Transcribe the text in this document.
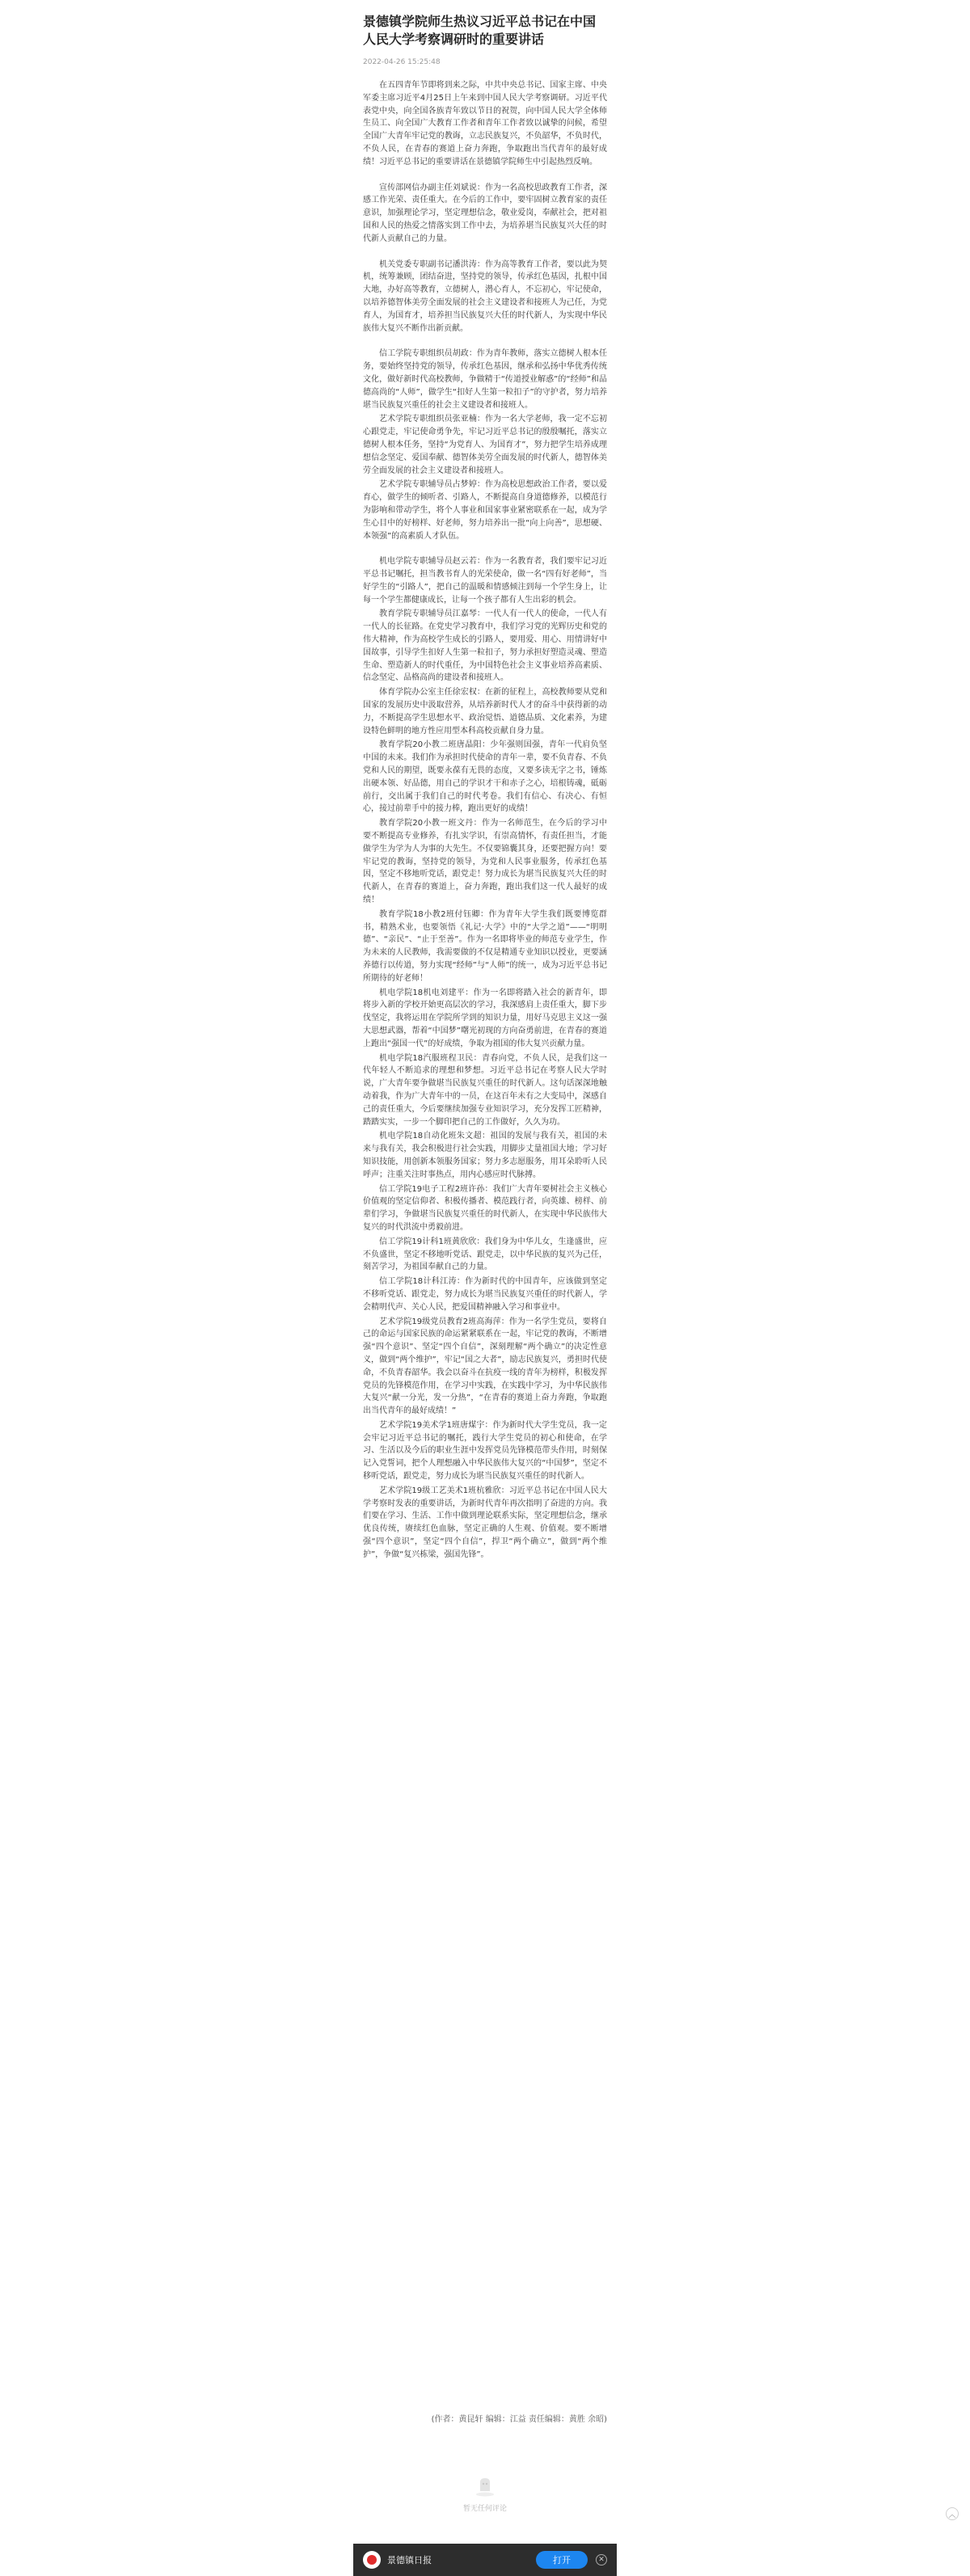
景德镇学院师生热议习近平总书记在中国人民大学考察调研时的重要讲话
2022-04-26 15:25:48

在五四青年节即将到来之际，中共中央总书记、国家主席、中央军委主席习近平4月25日上午来到中国人民大学考察调研。习近平代表党中央，向全国各族青年致以节日的祝贺，向中国人民大学全体师生员工、向全国广大教育工作者和青年工作者致以诚挚的问候，希望全国广大青年牢记党的教诲，立志民族复兴，不负韶华，不负时代，不负人民，在青春的赛道上奋力奔跑，争取跑出当代青年的最好成绩！习近平总书记的重要讲话在景德镇学院师生中引起热烈反响。

宣传部网信办副主任刘斌说：作为一名高校思政教育工作者，深感工作光荣、责任重大。在今后的工作中，要牢固树立教育家的责任意识，加强理论学习，坚定理想信念，敬业爱岗，奉献社会，把对祖国和人民的热爱之情落实到工作中去，为培养堪当民族复兴大任的时代新人贡献自己的力量。

机关党委专职副书记潘洪涛：作为高等教育工作者，要以此为契机，统筹兼顾，团结奋进，坚持党的领导，传承红色基因，扎根中国大地，办好高等教育，立德树人，潜心育人，不忘初心，牢记使命，以培养德智体美劳全面发展的社会主义建设者和接班人为己任，为党育人，为国育才，培养担当民族复兴大任的时代新人，为实现中华民族伟大复兴不断作出新贡献。

信工学院专职组织员胡政：作为青年教师，落实立德树人根本任务，要始终坚持党的领导，传承红色基因，继承和弘扬中华优秀传统文化，做好新时代高校教师，争做精于“传道授业解惑”的“经师”和品德高尚的“人师”，做学生“扣好人生第一粒扣子”的守护者，努力培养堪当民族复兴重任的社会主义建设者和接班人。

艺术学院专职组织员张亚楠：作为一名大学老师，我一定不忘初心跟党走，牢记使命勇争先，牢记习近平总书记的殷殷嘱托，落实立德树人根本任务，坚持“为党育人、为国育才”，努力把学生培养成理想信念坚定、爱国奉献、德智体美劳全面发展的时代新人，德智体美劳全面发展的社会主义建设者和接班人。

艺术学院专职辅导员占梦婷：作为高校思想政治工作者，要以爱育心，做学生的倾听者、引路人，不断提高自身道德修养，以模范行为影响和带动学生，将个人事业和国家事业紧密联系在一起，成为学生心目中的好榜样、好老师，努力培养出一批“向上向善”，思想硬、本领强”的高素质人才队伍。

机电学院专职辅导员赵云若：作为一名教育者，我们要牢记习近平总书记嘱托，担当教书育人的光荣使命，做一名“四有好老师”，当好学生的“引路人”，把自己的温暖和情感倾注到每一个学生身上，让每一个学生都健康成长，让每一个孩子都有人生出彩的机会。

教育学院专职辅导员江嘉琴：一代人有一代人的使命，一代人有一代人的长征路。在党史学习教育中，我们学习党的光辉历史和党的伟大精神，作为高校学生成长的引路人，要用爱、用心、用情讲好中国故事，引导学生扣好人生第一粒扣子，努力承担好塑造灵魂、塑造生命、塑造新人的时代重任，为中国特色社会主义事业培养高素质、信念坚定、品格高尚的建设者和接班人。

体育学院办公室主任徐宏权：在新的征程上，高校教师要从党和国家的发展历史中汲取营养，从培养新时代人才的奋斗中获得新的动力，不断提高学生思想水平、政治觉悟、道德品质、文化素养，为建设特色鲜明的地方性应用型本科高校贡献自身力量。

教育学院20小教二班唐晶阳：少年强则国强，青年一代肩负坚中国的未来。我们作为承担时代使命的青年一辈，要不负青春、不负党和人民的期望，既要永葆有无畏的态度，又要多读无字之书，锤炼出硬本领、好品德，用自己的学识才干和赤子之心，培根铸魂，砥砺前行，交出属于我们自己的时代考卷。我们有信心、有决心、有恒心，接过前辈手中的接力棒，跑出更好的成绩！

教育学院20小教一班文丹：作为一名师范生，在今后的学习中要不断提高专业修养，有扎实学识，有崇高情怀，有责任担当，才能做学生为学为人为事的大先生。不仅要锦囊其身，还要把握方向！要牢记党的教诲，坚持党的领导，为党和人民事业服务，传承红色基因，坚定不移地听党话，跟党走！努力成长为堪当民族复兴大任的时代新人，在青春的赛道上，奋力奔跑，跑出我们这一代人最好的成绩！

教育学院18小教2班付钰卿：作为青年大学生我们既要博览群书，精熟术业，也要领悟《礼记·大学》中的“大学之道”——“明明德”、“亲民”、“止于至善”。作为一名即将毕业的师范专业学生，作为未来的人民教师，我需要做的不仅是精通专业知识以授业，更要涵养德行以传道，努力实现“经师”与“人师”的统一，成为习近平总书记所期待的好老师！

机电学院18机电刘建平：作为一名即将踏入社会的新青年，即将步入新的学校开始更高层次的学习，我深感肩上责任重大，脚下步伐坚定，我将运用在学院所学到的知识力量，用好马克思主义这一强大思想武器，帮着“中国梦”曙光初现的方向奋勇前进，在青春的赛道上跑出“强国一代”的好成绩，争取为祖国的伟大复兴贡献力量。

机电学院18汽服班程卫民：青春向党，不负人民，是我们这一代年轻人不断追求的理想和梦想。习近平总书记在考察人民大学时说，广大青年要争做堪当民族复兴重任的时代新人。这句话深深地触动着我，作为广大青年中的一员，在这百年未有之大变局中，深感自己的责任重大，今后要继续加强专业知识学习，充分发挥工匠精神，踏踏实实，一步一个脚印把自己的工作做好，久久为功。

机电学院18自动化班朱文超：祖国的发展与我有关，祖国的未来与我有关，我会积极进行社会实践，用脚步丈量祖国大地；学习好知识技能，用创新本领服务国家；努力多志愿服务，用耳朵聆听人民呼声；注重关注时事热点，用内心感应时代脉搏。

信工学院19电子工程2班许孙：我们广大青年要树社会主义核心价值观的坚定信仰者、积极传播者、模范践行者，向英雄、榜样、前辈们学习，争做堪当民族复兴重任的时代新人，在实现中华民族伟大复兴的时代洪流中勇毅前进。

信工学院19计科1班黄欣欣：我们身为中华儿女，生逢盛世，应不负盛世，坚定不移地听党话、跟党走，以中华民族的复兴为己任，刻苦学习，为祖国奉献自己的力量。

信工学院18计科江涛：作为新时代的中国青年，应该做到坚定不移听党话、跟党走，努力成长为堪当民族复兴重任的时代新人，学会精明代声、关心人民，把爱国精神融入学习和事业中。

艺术学院19级党员教育2班高海萍：作为一名学生党员，要将自己的命运与国家民族的命运紧紧联系在一起，牢记党的教诲，不断增强“四个意识”、坚定“四个自信”，深刻理解“两个确立”的决定性意义，做到“两个维护”，牢记“国之大者”，励志民族复兴，勇担时代使命，不负青春韶华。我会以奋斗在抗疫一线的青年为榜样，积极发挥党员的先锋模范作用，在学习中实践，在实践中学习，为中华民族伟大复兴“献一分光，发一分热”，“在青春的赛道上奋力奔跑，争取跑出当代青年的最好成绩！”

艺术学院19美术学1班唐煤宇：作为新时代大学生党员，我一定会牢记习近平总书记的嘱托，践行大学生党员的初心和使命，在学习、生活以及今后的职业生涯中发挥党员先锋模范带头作用，时刻保记入党誓词，把个人理想融入中华民族伟大复兴的“中国梦”，坚定不移听党话，跟党走，努力成长为堪当民族复兴重任的时代新人。

艺术学院19级工艺美术1班杭雅欣：习近平总书记在中国人民大学考察时发表的重要讲话，为新时代青年再次指明了奋进的方向。我们要在学习、生活、工作中做到理论联系实际，坚定理想信念，继承优良传统，赓续红色血脉，坚定正确的人生观、价值观。要不断增强“四个意识”，坚定“四个自信”，捍卫“两个确立”，做到“两个维护”，争做“复兴栋梁，强国先锋”。

(作者：黄昆轩 编辑：江益 责任编辑：黄胜 余昭)
暂无任何评论
︿
景德镇日报	打开	✕
